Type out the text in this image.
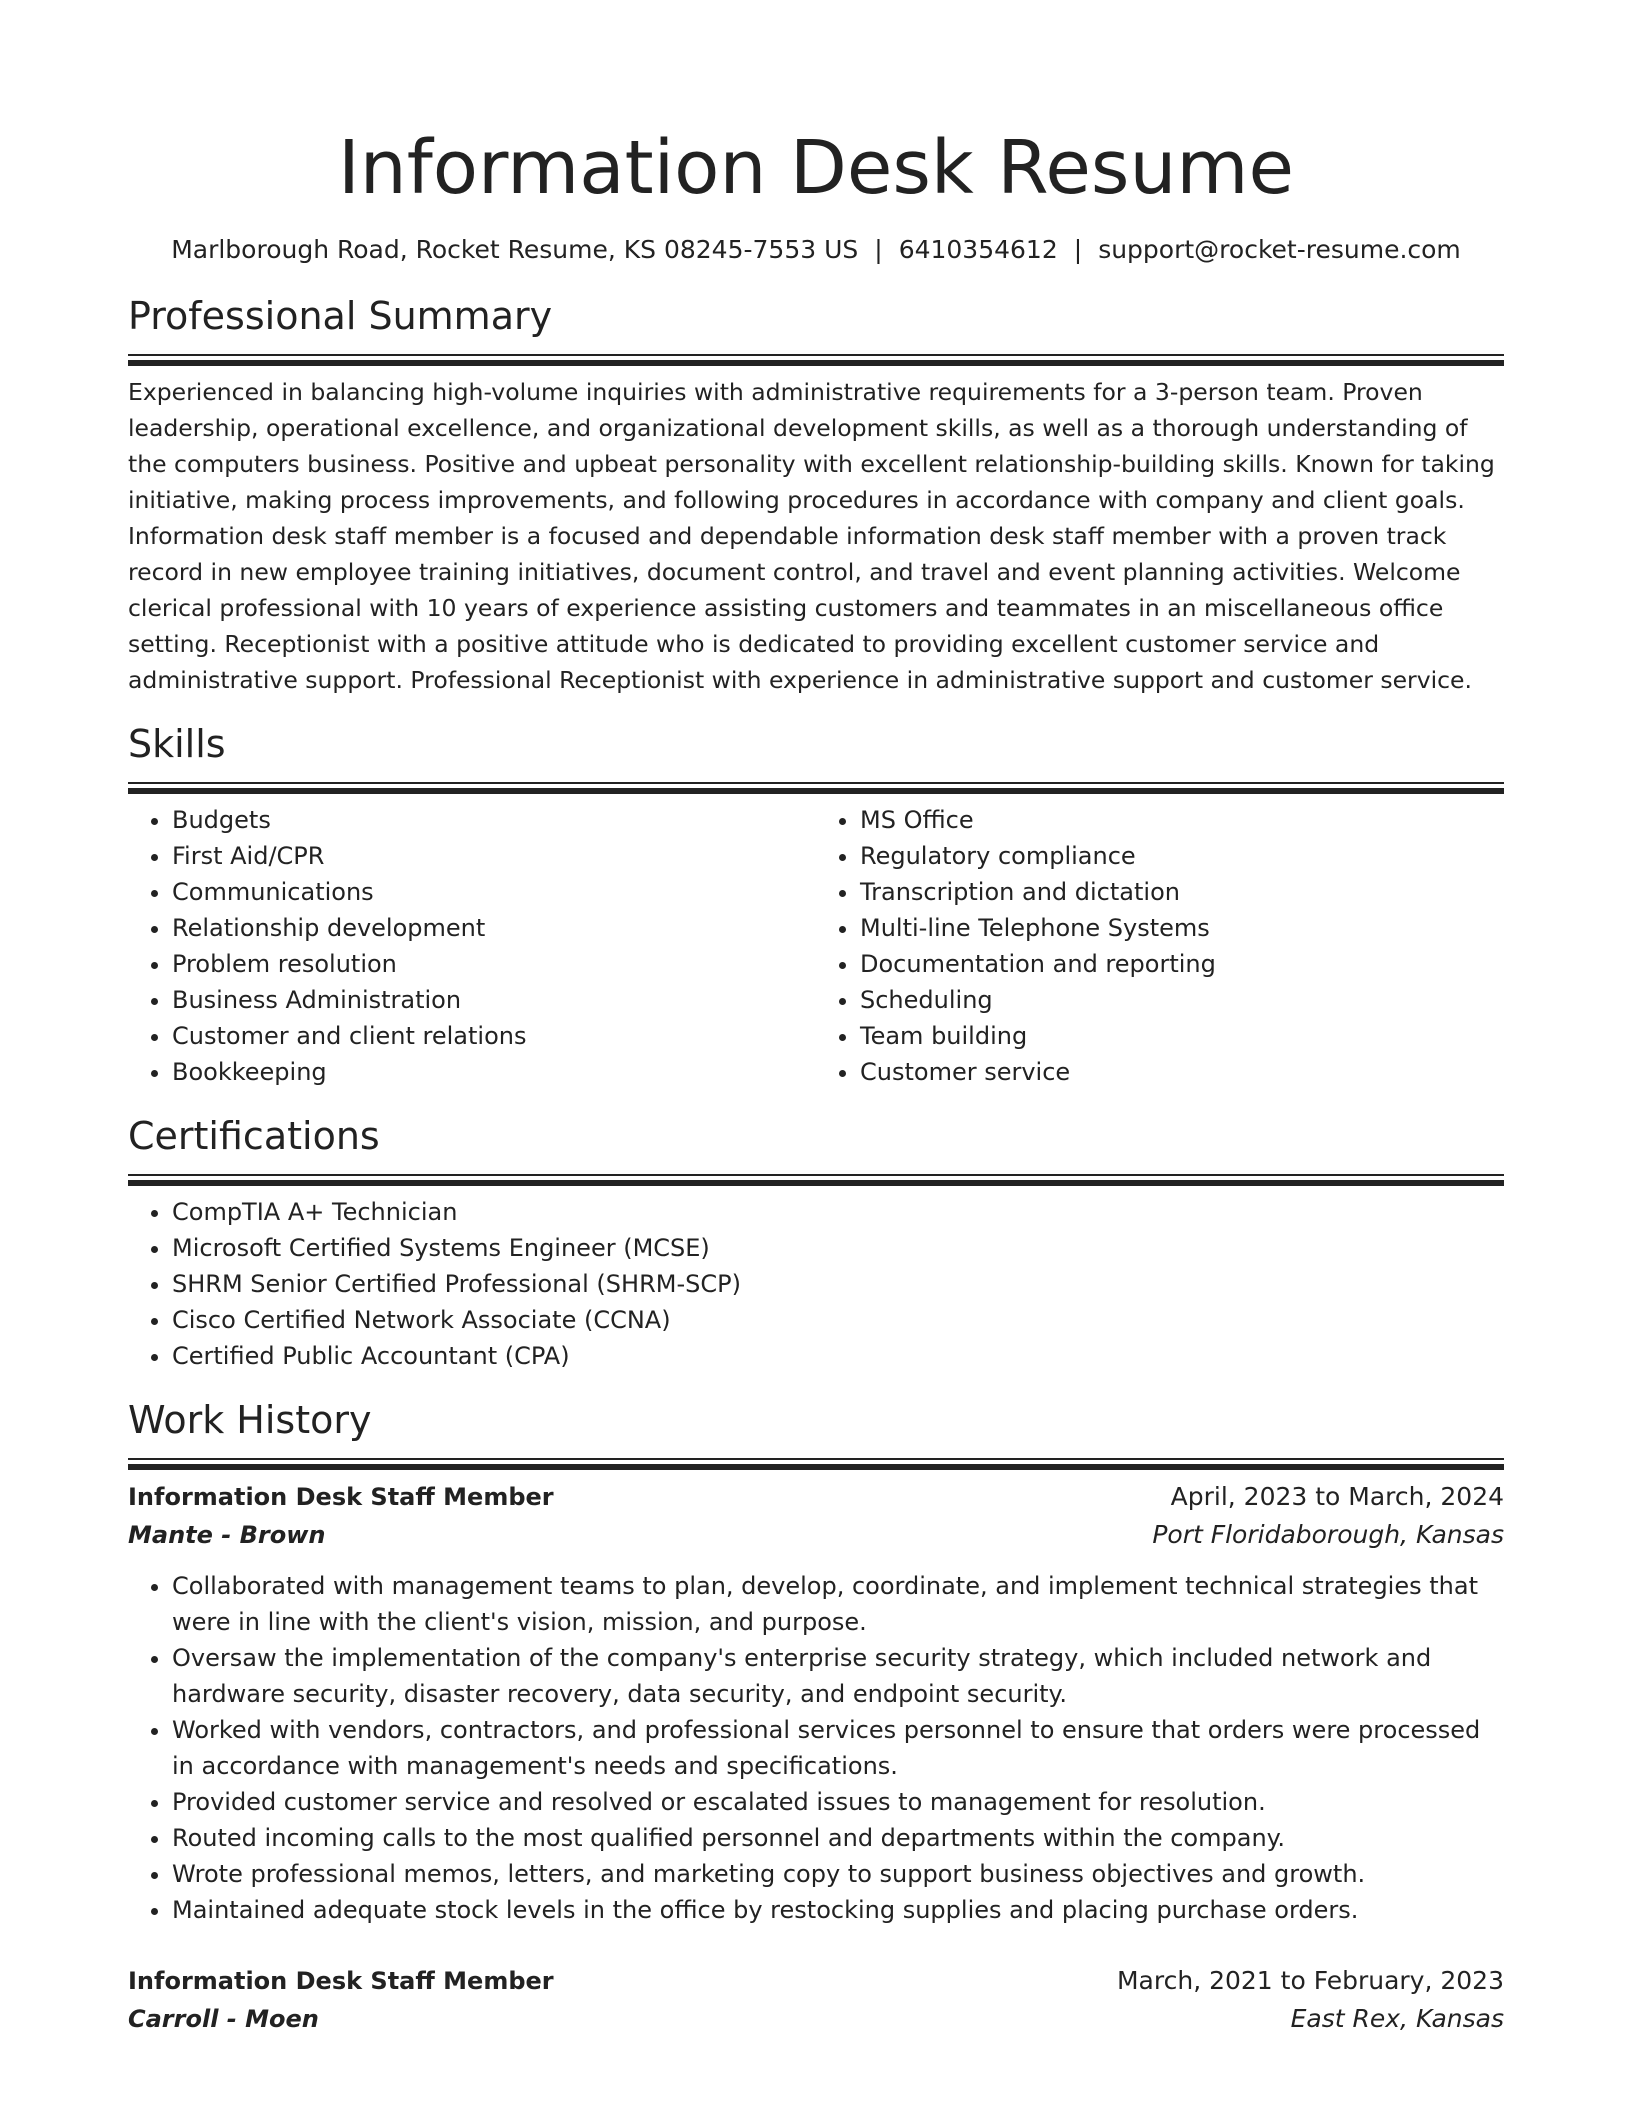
Information Desk Resume
Marlborough Road, Rocket Resume, KS 08245-7553 US | 6410354612 | support@rocket-resume.com
Professional Summary
Experienced in balancing high-volume inquiries with administrative requirements for a 3-person team. Proven leadership, operational excellence, and organizational development skills, as well as a thorough understanding of the computers business. Positive and upbeat personality with excellent relationship-building skills. Known for taking initiative, making process improvements, and following procedures in accordance with company and client goals. Information desk staff member is a focused and dependable information desk staff member with a proven track record in new employee training initiatives, document control, and travel and event planning activities. Welcome clerical professional with 10 years of experience assisting customers and teammates in an miscellaneous office setting. Receptionist with a positive attitude who is dedicated to providing excellent customer service and administrative support. Professional Receptionist with experience in administrative support and customer service.
Skills
• Budgets
• First Aid/CPR
• Communications
• Relationship development
• Problem resolution
• Business Administration
• Customer and client relations
• Bookkeeping
• MS Office
• Regulatory compliance
• Transcription and dictation
• Multi-line Telephone Systems
• Documentation and reporting
• Scheduling
• Team building
• Customer service
Certifications
• CompTIA A+ Technician
• Microsoft Certified Systems Engineer (MCSE)
• SHRM Senior Certified Professional (SHRM-SCP)
• Cisco Certified Network Associate (CCNA)
• Certified Public Accountant (CPA)
Work History
Information Desk Staff Member	April, 2023 to March, 2024
Mante - Brown	Port Floridaborough, Kansas
• Collaborated with management teams to plan, develop, coordinate, and implement technical strategies that were in line with the client's vision, mission, and purpose.
• Oversaw the implementation of the company's enterprise security strategy, which included network and hardware security, disaster recovery, data security, and endpoint security.
• Worked with vendors, contractors, and professional services personnel to ensure that orders were processed in accordance with management's needs and specifications.
• Provided customer service and resolved or escalated issues to management for resolution.
• Routed incoming calls to the most qualified personnel and departments within the company.
• Wrote professional memos, letters, and marketing copy to support business objectives and growth.
• Maintained adequate stock levels in the office by restocking supplies and placing purchase orders.
Information Desk Staff Member	March, 2021 to February, 2023
Carroll - Moen	East Rex, Kansas
